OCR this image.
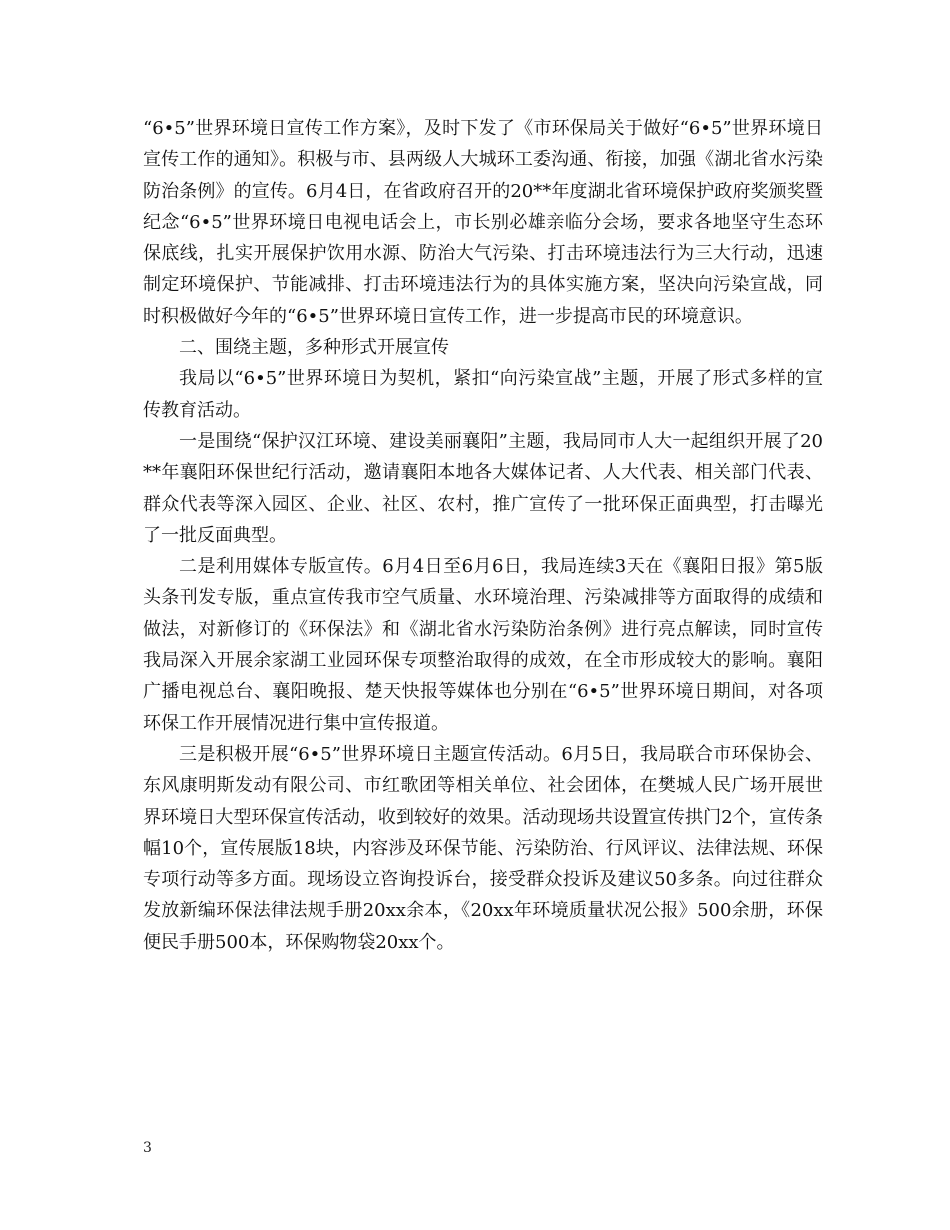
“6•5”世界环境日宣传工作方案》，及时下发了《市环保局关于做好“6•5”世界环境日宣传工作的通知》。积极与市、县两级人大城环工委沟通、衔接，加强《湖北省水污染防治条例》的宣传。6月4日，在省政府召开的20**年度湖北省环境保护政府奖颁奖暨纪念“6•5”世界环境日电视电话会上，市长别必雄亲临分会场，要求各地坚守生态环保底线，扎实开展保护饮用水源、防治大气污染、打击环境违法行为三大行动，迅速制定环境保护、节能减排、打击环境违法行为的具体实施方案，坚决向污染宣战，同时积极做好今年的“6•5”世界环境日宣传工作，进一步提高市民的环境意识。

二、围绕主题，多种形式开展宣传

我局以“6•5”世界环境日为契机，紧扣“向污染宣战”主题，开展了形式多样的宣传教育活动。

一是围绕“保护汉江环境、建设美丽襄阳”主题，我局同市人大一起组织开展了20**年襄阳环保世纪行活动，邀请襄阳本地各大媒体记者、人大代表、相关部门代表、群众代表等深入园区、企业、社区、农村，推广宣传了一批环保正面典型，打击曝光了一批反面典型。

二是利用媒体专版宣传。6月4日至6月6日，我局连续3天在《襄阳日报》第5版头条刊发专版，重点宣传我市空气质量、水环境治理、污染减排等方面取得的成绩和做法，对新修订的《环保法》和《湖北省水污染防治条例》进行亮点解读，同时宣传我局深入开展余家湖工业园环保专项整治取得的成效，在全市形成较大的影响。襄阳广播电视总台、襄阳晚报、楚天快报等媒体也分别在“6•5”世界环境日期间，对各项环保工作开展情况进行集中宣传报道。

三是积极开展“6•5”世界环境日主题宣传活动。6月5日，我局联合市环保协会、东风康明斯发动有限公司、市红歌团等相关单位、社会团体，在樊城人民广场开展世界环境日大型环保宣传活动，收到较好的效果。活动现场共设置宣传拱门2个，宣传条幅10个，宣传展版18块，内容涉及环保节能、污染防治、行风评议、法律法规、环保专项行动等多方面。现场设立咨询投诉台，接受群众投诉及建议50多条。向过往群众发放新编环保法律法规手册20xx余本，《20xx年环境质量状况公报》500余册，环保便民手册500本，环保购物袋20xx个。

3
